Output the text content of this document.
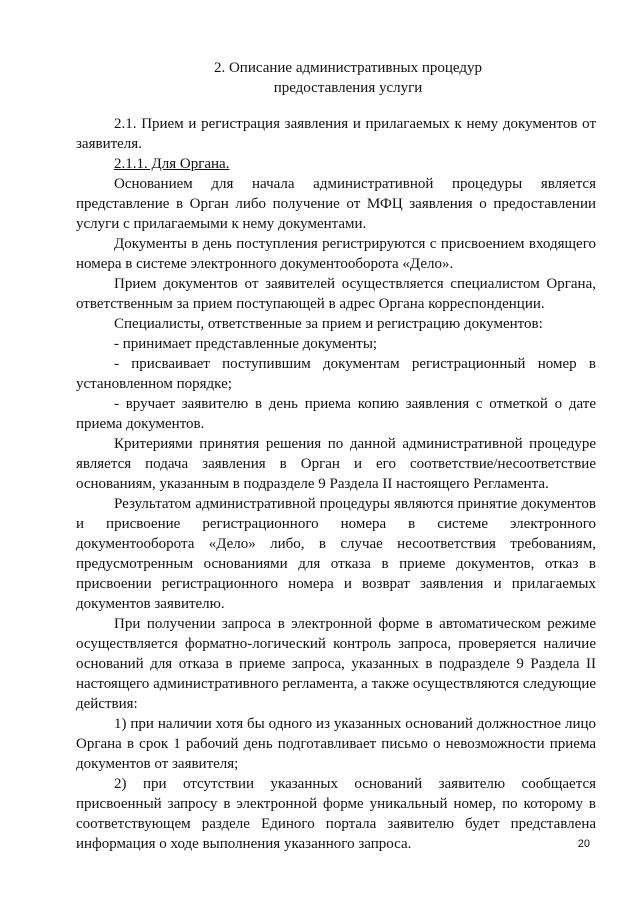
2. Описание административных процедур
предоставления услуги

2.1. Прием и регистрация заявления и прилагаемых к нему документов от заявителя.

2.1.1. Для Органа.

Основанием для начала административной процедуры является представление в Орган либо получение от МФЦ заявления о предоставлении услуги с прилагаемыми к нему документами.

Документы в день поступления регистрируются с присвоением входящего номера в системе электронного документооборота «Дело».

Прием документов от заявителей осуществляется специалистом Органа, ответственным за прием поступающей в адрес Органа корреспонденции.

Специалисты, ответственные за прием и регистрацию документов:

- принимает представленные документы;

- присваивает поступившим документам регистрационный номер в установленном порядке;

- вручает заявителю в день приема копию заявления с отметкой о дате приема документов.

Критериями принятия решения по данной административной процедуре является подача заявления в Орган и его соответствие/несоответствие основаниям, указанным в подразделе 9 Раздела II настоящего Регламента.

Результатом административной процедуры являются принятие документов и присвоение регистрационного номера в системе электронного документооборота «Дело» либо, в случае несоответствия требованиям, предусмотренным основаниями для отказа в приеме документов, отказ в присвоении регистрационного номера и возврат заявления и прилагаемых документов заявителю.

При получении запроса в электронной форме в автоматическом режиме осуществляется форматно-логический контроль запроса, проверяется наличие оснований для отказа в приеме запроса, указанных в подразделе 9 Раздела II настоящего административного регламента, а также осуществляются следующие действия:

1) при наличии хотя бы одного из указанных оснований должностное лицо Органа в срок 1 рабочий день подготавливает письмо о невозможности приема документов от заявителя;

2) при отсутствии указанных оснований заявителю сообщается присвоенный запросу в электронной форме уникальный номер, по которому в соответствующем разделе Единого портала заявителю будет представлена информация о ходе выполнения указанного запроса.	20
